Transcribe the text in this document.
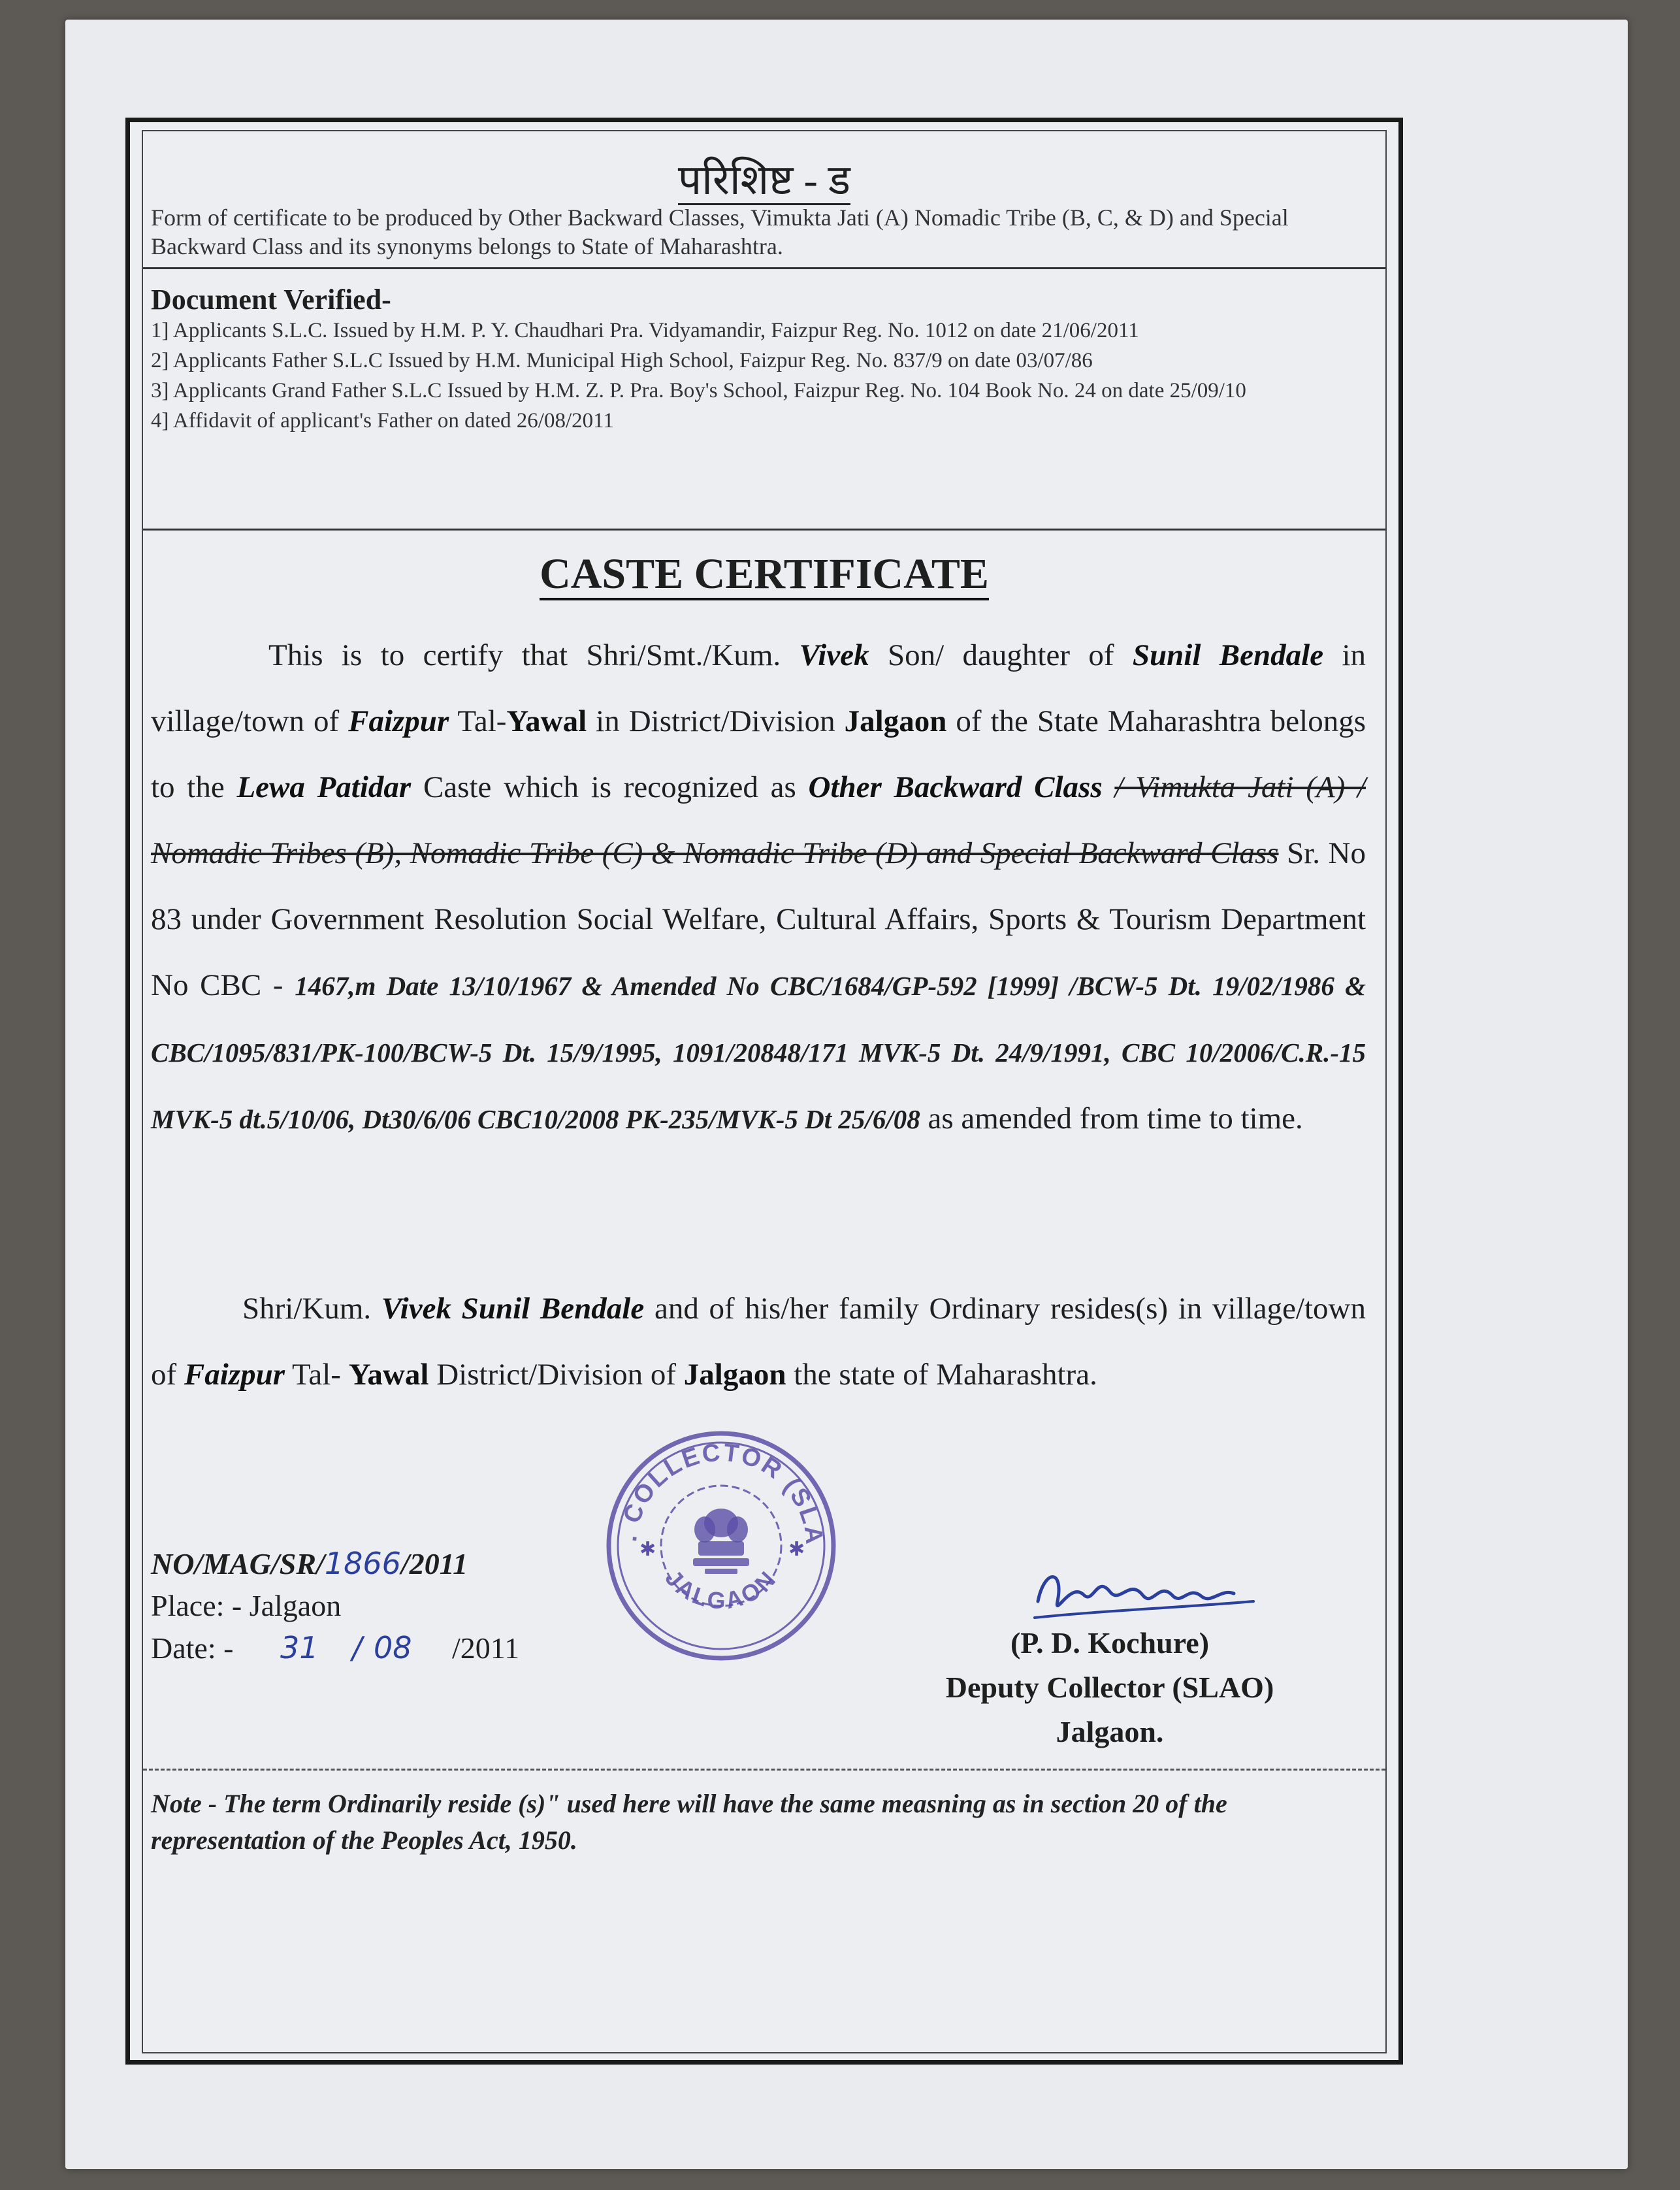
परिशिष्ट - ड
Form of certificate to be produced by Other Backward Classes, Vimukta Jati (A) Nomadic Tribe (B, C, & D) and Special Backward Class and its synonyms belongs to State of Maharashtra.
Document Verified-
1] Applicants S.L.C. Issued by H.M. P. Y. Chaudhari Pra. Vidyamandir, Faizpur Reg. No. 1012 on date 21/06/2011
2] Applicants Father S.L.C Issued by H.M. Municipal High School, Faizpur Reg. No. 837/9 on date 03/07/86
3] Applicants Grand Father S.L.C Issued by H.M. Z. P. Pra. Boy's School, Faizpur Reg. No. 104 Book No. 24 on date 25/09/10
4] Affidavit of applicant's Father on dated 26/08/2011
CASTE CERTIFICATE
This is to certify that Shri/Smt./Kum. Vivek Son/ daughter of Sunil Bendale in village/town of Faizpur Tal-Yawal in District/Division Jalgaon of the State Maharashtra belongs to the Lewa Patidar Caste which is recognized as Other Backward Class / Vimukta Jati (A) / Nomadic Tribes (B), Nomadic Tribe (C) & Nomadic Tribe (D) and Special Backward Class Sr. No 83 under Government Resolution Social Welfare, Cultural Affairs, Sports & Tourism Department No CBC - 1467,m Date 13/10/1967 & Amended No CBC/1684/GP-592 [1999] /BCW-5 Dt. 19/02/1986 & CBC/1095/831/PK-100/BCW-5 Dt. 15/9/1995, 1091/20848/171 MVK-5 Dt. 24/9/1991, CBC 10/2006/C.R.-15 MVK-5 dt.5/10/06, Dt30/6/06 CBC10/2008 PK-235/MVK-5 Dt 25/6/08 as amended from time to time.
Shri/Kum. Vivek Sunil Bendale and of his/her family Ordinary resides(s) in village/town of Faizpur Tal- Yawal District/Division of Jalgaon the state of Maharashtra.
NO/MAG/SR/1866/2011
Place: - Jalgaon
Date: - 31 / 08 /2011
. COLLECTOR (SLA
JALGAON
✱	✱
(P. D. Kochure)
Deputy Collector (SLAO)
Jalgaon.
Note - The term Ordinarily reside (s)" used here will have the same measning as in section 20 of the representation of the Peoples Act, 1950.
